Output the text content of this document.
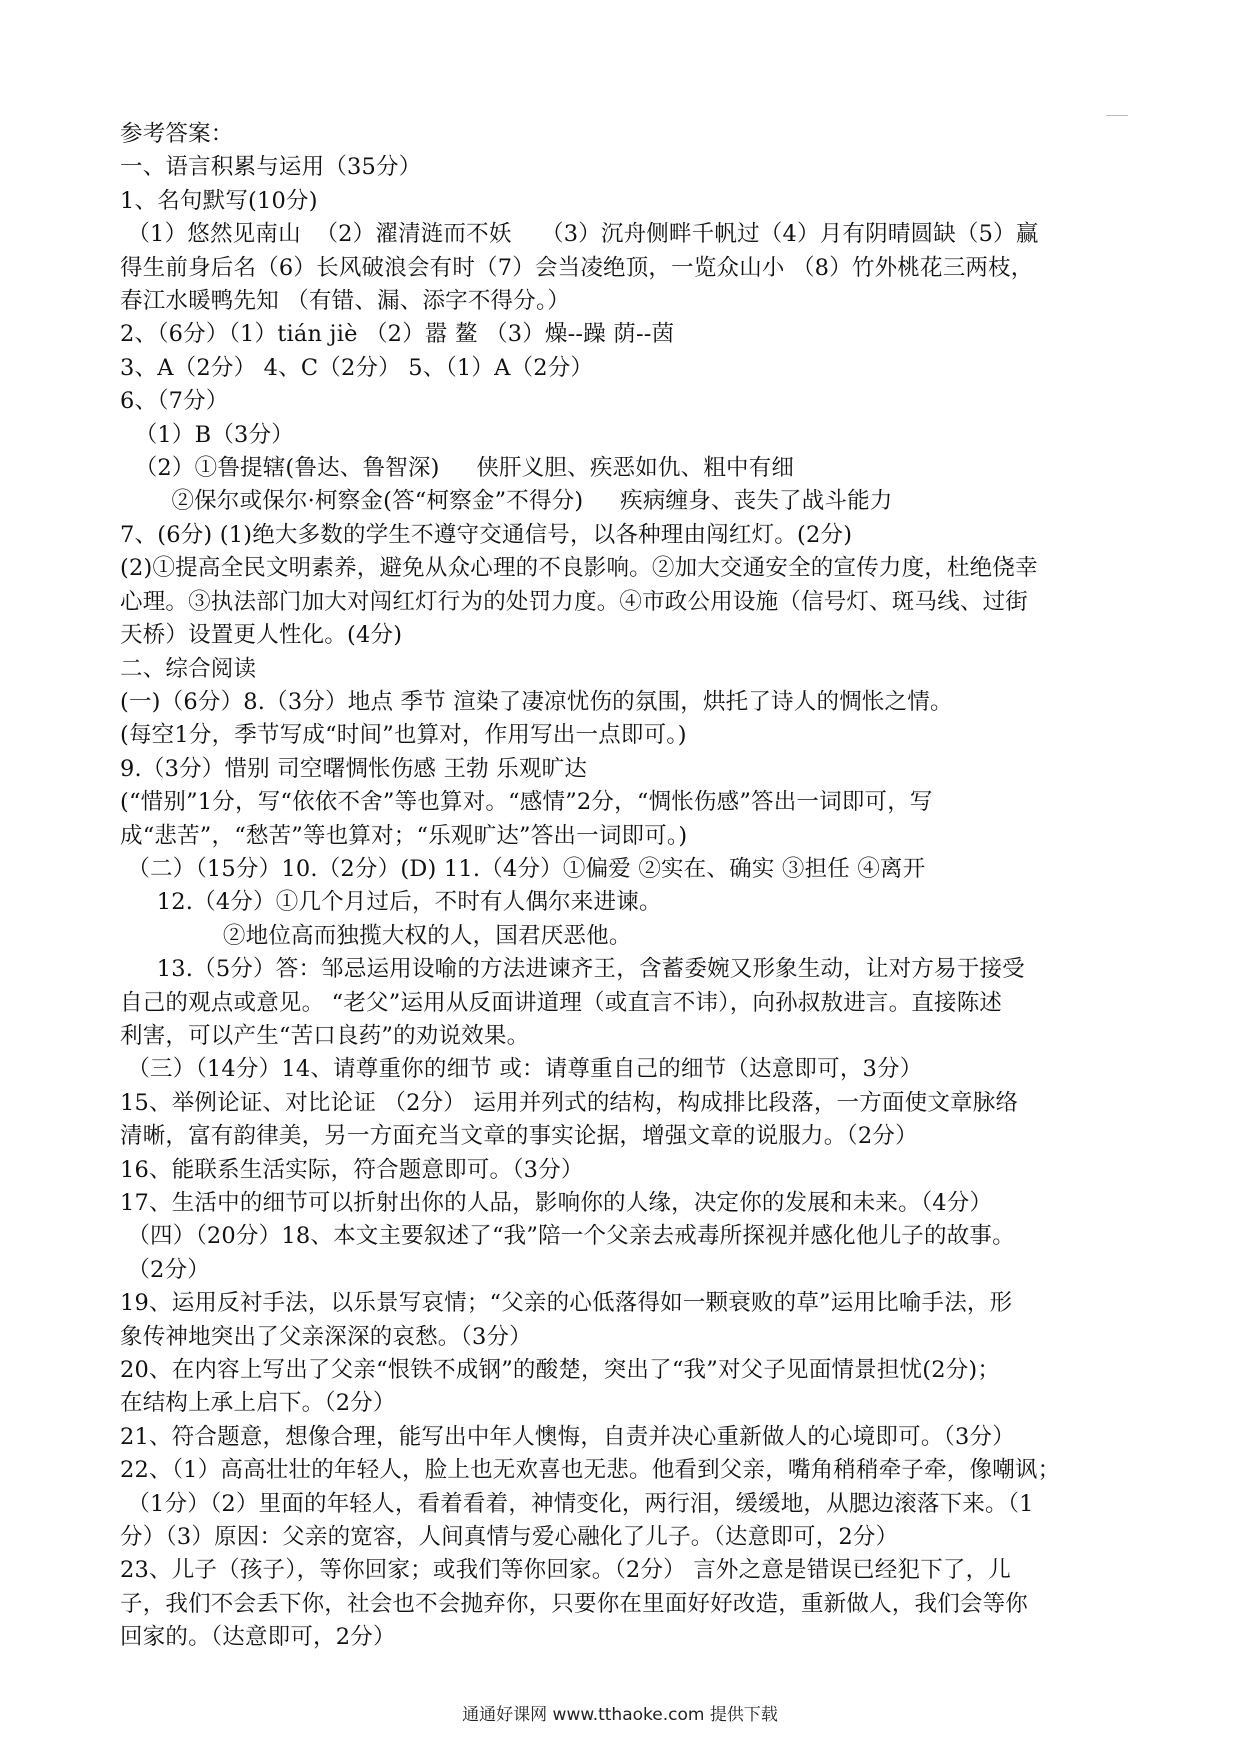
参考答案：
一、语言积累与运用（35分）
1、名句默写(10分)
（1）悠然见南山  （2）濯清涟而不妖    （3）沉舟侧畔千帆过（4）月有阴晴圆缺（5）赢
得生前身后名（6）长风破浪会有时（7）会当凌绝顶，一览众山小 （8）竹外桃花三两枝，
春江水暖鸭先知 （有错、漏、添字不得分。）
2、（6分）（1）tián jiè （2）嚣 鳌 （3）燥--躁 荫--茵
3、A（2分） 4、C（2分） 5、（1）A（2分）
6、（7分）
（1）B（3分）
（2）①鲁提辖(鲁达、鲁智深)     侠肝义胆、疾恶如仇、粗中有细
②保尔或保尔·柯察金(答“柯察金”不得分)     疾病缠身、丧失了战斗能力
7、(6分) (1)绝大多数的学生不遵守交通信号，以各种理由闯红灯。(2分)
(2)①提高全民文明素养，避免从众心理的不良影响。②加大交通安全的宣传力度，杜绝侥幸
心理。③执法部门加大对闯红灯行为的处罚力度。④市政公用设施（信号灯、斑马线、过街
天桥）设置更人性化。(4分)
二、综合阅读
(一)（6分）8.（3分）地点 季节 渲染了凄凉忧伤的氛围，烘托了诗人的惆怅之情。
(每空1分，季节写成“时间”也算对，作用写出一点即可。)
9.（3分）惜别 司空曙惆怅伤感 王勃 乐观旷达
(“惜别”1分，写“依依不舍”等也算对。“感情”2分，“惆怅伤感”答出一词即可，写
成“悲苦”，“愁苦”等也算对；“乐观旷达”答出一词即可。)
（二）（15分）10.（2分）(D) 11.（4分）①偏爱 ②实在、确实 ③担任 ④离开
12.（4分）①几个月过后，不时有人偶尔来进谏。
②地位高而独揽大权的人，国君厌恶他。
13.（5分）答：邹忌运用设喻的方法进谏齐王，含蓄委婉又形象生动，让对方易于接受
自己的观点或意见。 “老父”运用从反面讲道理（或直言不讳），向孙叔敖进言。直接陈述
利害，可以产生“苦口良药”的劝说效果。
（三）（14分）14、请尊重你的细节 或：请尊重自己的细节（达意即可，3分）
15、举例论证、对比论证 （2分） 运用并列式的结构，构成排比段落，一方面使文章脉络
清晰，富有韵律美，另一方面充当文章的事实论据，增强文章的说服力。（2分）
16、能联系生活实际，符合题意即可。（3分）
17、生活中的细节可以折射出你的人品，影响你的人缘，决定你的发展和未来。（4分）
（四）（20分）18、本文主要叙述了“我”陪一个父亲去戒毒所探视并感化他儿子的故事。
（2分）
19、运用反衬手法，以乐景写哀情；“父亲的心低落得如一颗衰败的草”运用比喻手法，形
象传神地突出了父亲深深的哀愁。（3分）
20、在内容上写出了父亲“恨铁不成钢”的酸楚，突出了“我”对父子见面情景担忧(2分)；
在结构上承上启下。（2分）
21、符合题意，想像合理，能写出中年人懊悔，自责并决心重新做人的心境即可。（3分）
22、（1）高高壮壮的年轻人，脸上也无欢喜也无悲。他看到父亲，嘴角稍稍牵子牵，像嘲讽；
（1分）（2）里面的年轻人，看着看着，神情变化，两行泪，缓缓地，从腮边滚落下来。（1
分）（3）原因：父亲的宽容，人间真情与爱心融化了儿子。（达意即可，2分）
23、儿子（孩子），等你回家；或我们等你回家。（2分） 言外之意是错误已经犯下了，儿
子，我们不会丢下你，社会也不会抛弃你，只要你在里面好好改造，重新做人，我们会等你
回家的。（达意即可，2分）
通通好课网 www.tthaoke.com 提供下载
